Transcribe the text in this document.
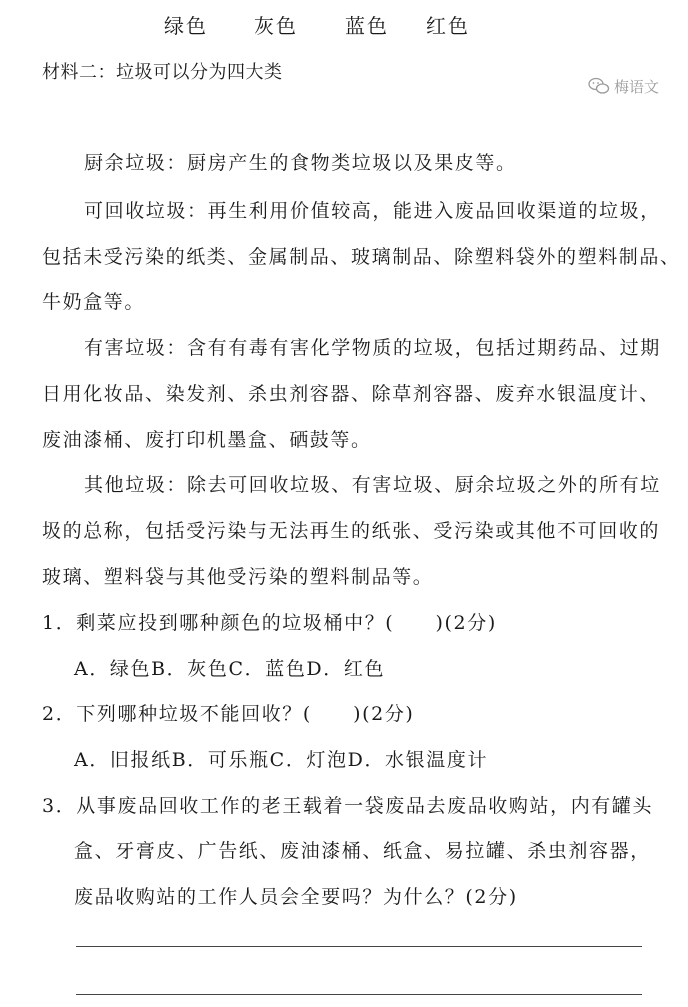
绿色 灰色 蓝色 红色
材料二：垃圾可以分为四大类
梅语文
厨余垃圾：厨房产生的食物类垃圾以及果皮等。
可回收垃圾：再生利用价值较高，能进入废品回收渠道的垃圾，
包括未受污染的纸类、金属制品、玻璃制品、除塑料袋外的塑料制品、
牛奶盒等。
有害垃圾：含有有毒有害化学物质的垃圾，包括过期药品、过期
日用化妆品、染发剂、杀虫剂容器、除草剂容器、废弃水银温度计、
废油漆桶、废打印机墨盒、硒鼓等。
其他垃圾：除去可回收垃圾、有害垃圾、厨余垃圾之外的所有垃
圾的总称，包括受污染与无法再生的纸张、受污染或其他不可回收的
玻璃、塑料袋与其他受污染的塑料制品等。
1．剩菜应投到哪种颜色的垃圾桶中？(　　)(2分)
A．绿色B．灰色C．蓝色D．红色
2．下列哪种垃圾不能回收？(　　)(2分)
A．旧报纸B．可乐瓶C．灯泡D．水银温度计
3．从事废品回收工作的老王载着一袋废品去废品收购站，内有罐头
盒、牙膏皮、广告纸、废油漆桶、纸盒、易拉罐、杀虫剂容器，
废品收购站的工作人员会全要吗？为什么？(2分)
